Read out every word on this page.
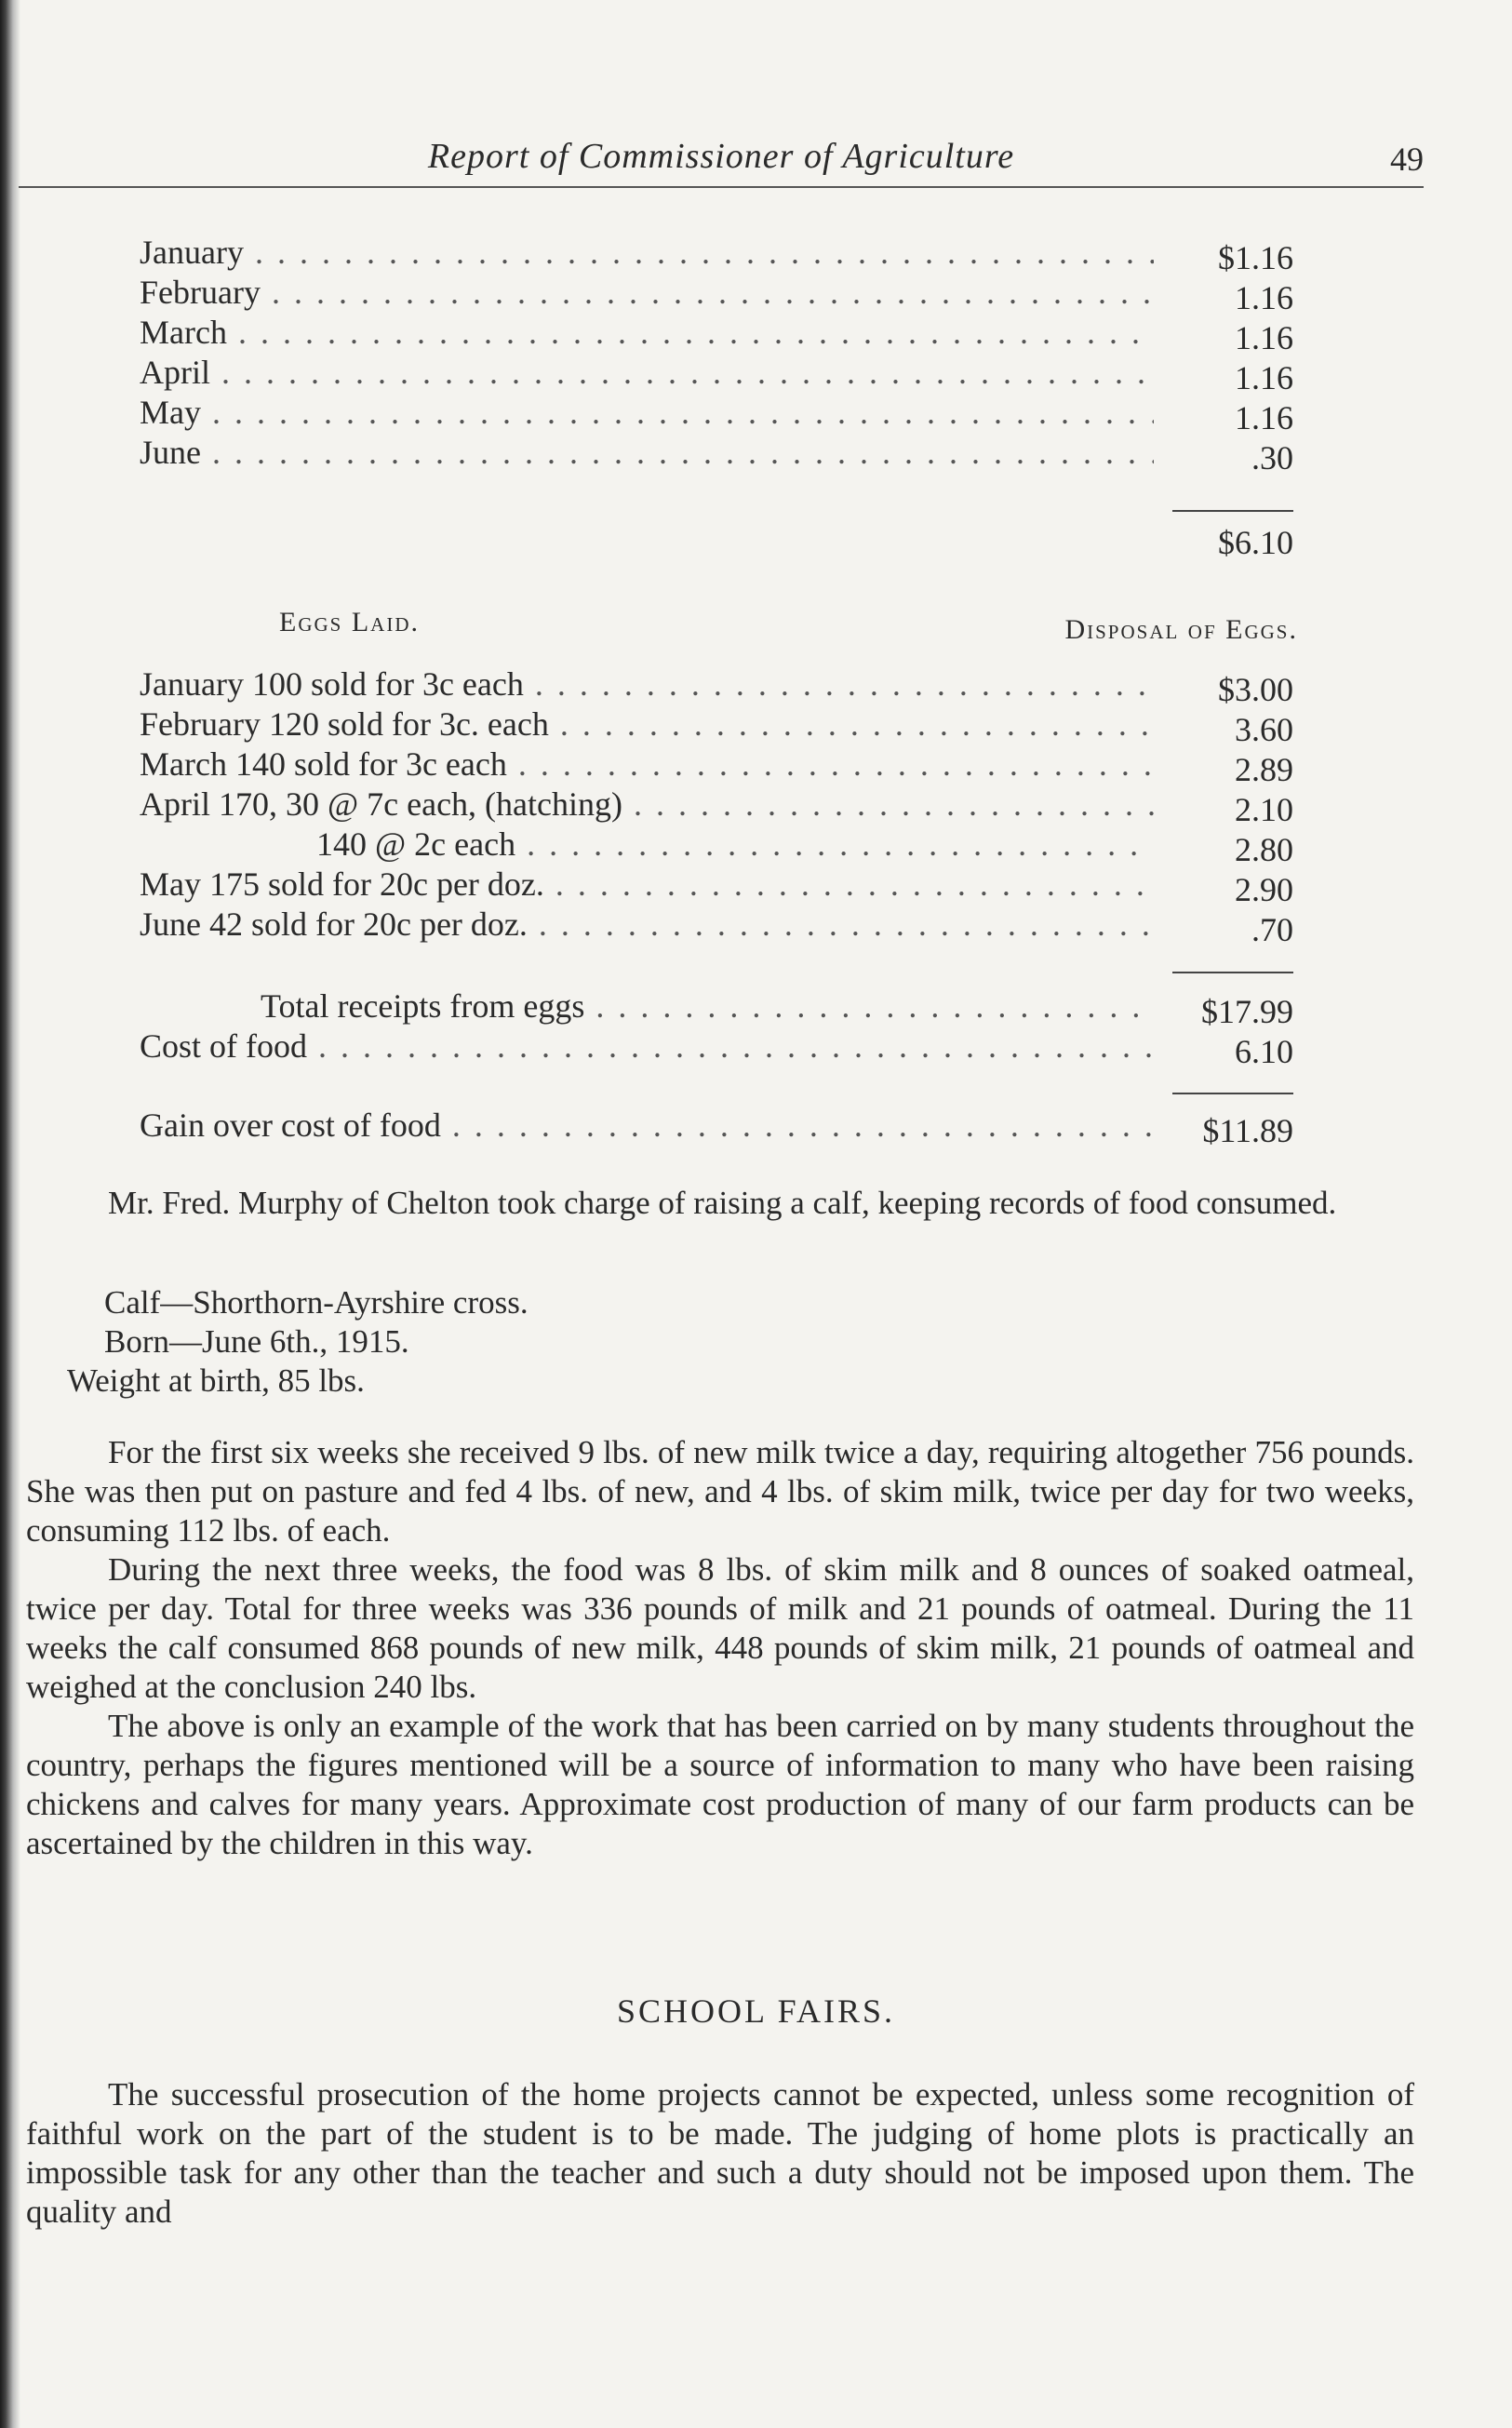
Report of Commissioner of Agriculture	49
January . . .	$1.16
February . . .	1.16
March . . .	1.16
April . . .	1.16
May . . .	1.16
June . . .	.30
$6.10
Eggs Laid.	Disposal of Eggs.
January 100 sold for 3c each . . .	$3.00
February 120 sold for 3c. each . . .	3.60
March 140 sold for 3c each . . .	2.89
April 170, 30 @ 7c each, (hatching) . . .	2.10
140 @ 2c each . . .	2.80
May 175 sold for 20c per doz. . . .	2.90
June 42 sold for 20c per doz. . . .	.70
Total receipts from eggs . . .	$17.99
Cost of food . . .	6.10
Gain over cost of food . . .	$11.89

Mr. Fred. Murphy of Chelton took charge of raising a calf, keeping records of food consumed.

Calf—Shorthorn-Ayrshire cross.
Born—June 6th., 1915.
Weight at birth, 85 lbs.

For the first six weeks she received 9 lbs. of new milk twice a day, requiring altogether 756 pounds. She was then put on pasture and fed 4 lbs. of new, and 4 lbs. of skim milk, twice per day for two weeks, consuming 112 lbs. of each.

During the next three weeks, the food was 8 lbs. of skim milk and 8 ounces of soaked oatmeal, twice per day. Total for three weeks was 336 pounds of milk and 21 pounds of oatmeal. During the 11 weeks the calf consumed 868 pounds of new milk, 448 pounds of skim milk, 21 pounds of oatmeal and weighed at the conclusion 240 lbs.

The above is only an example of the work that has been carried on by many students throughout the country, perhaps the figures mentioned will be a source of information to many who have been raising chickens and calves for many years. Approximate cost production of many of our farm products can be ascertained by the children in this way.

SCHOOL FAIRS.

The successful prosecution of the home projects cannot be expected, unless some recognition of faithful work on the part of the student is to be made. The judging of home plots is practically an impossible task for any other than the teacher and such a duty should not be imposed upon them. The quality and
